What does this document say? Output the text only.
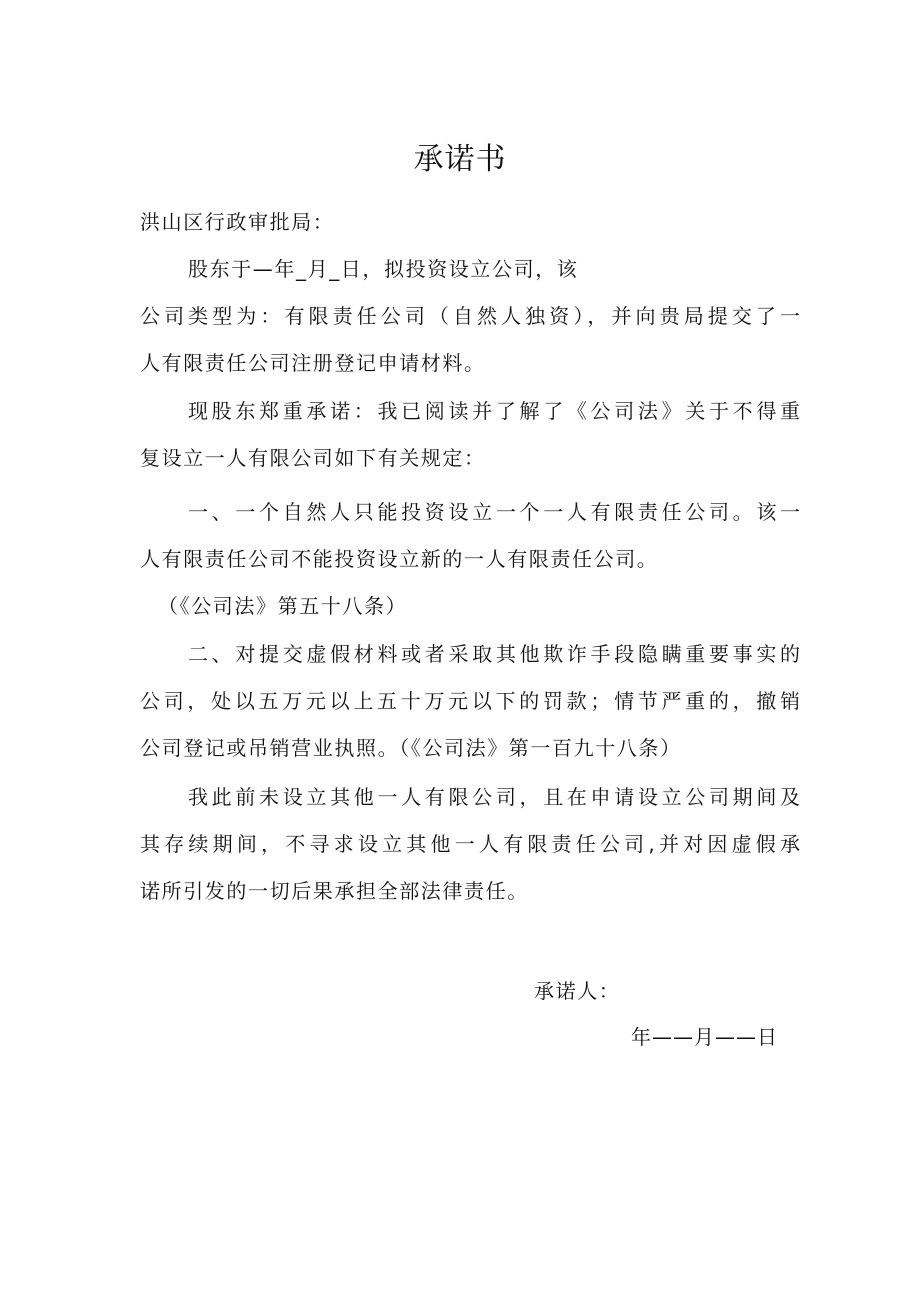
承诺书
洪山区行政审批局：
股东于—年_月_日，拟投资设立公司，该
公司类型为：有限责任公司（自然人独资），并向贵局提交了一
人有限责任公司注册登记申请材料。
现股东郑重承诺：我已阅读并了解了《公司法》关于不得重
复设立一人有限公司如下有关规定：
一、一个自然人只能投资设立一个一人有限责任公司。该一
人有限责任公司不能投资设立新的一人有限责任公司。
（《公司法》第五十八条）
二、对提交虚假材料或者采取其他欺诈手段隐瞒重要事实的
公司，处以五万元以上五十万元以下的罚款；情节严重的，撤销
公司登记或吊销营业执照。（《公司法》第一百九十八条）
我此前未设立其他一人有限公司，且在申请设立公司期间及
其存续期间，不寻求设立其他一人有限责任公司,并对因虚假承
诺所引发的一切后果承担全部法律责任。
承诺人：
年——月——日
